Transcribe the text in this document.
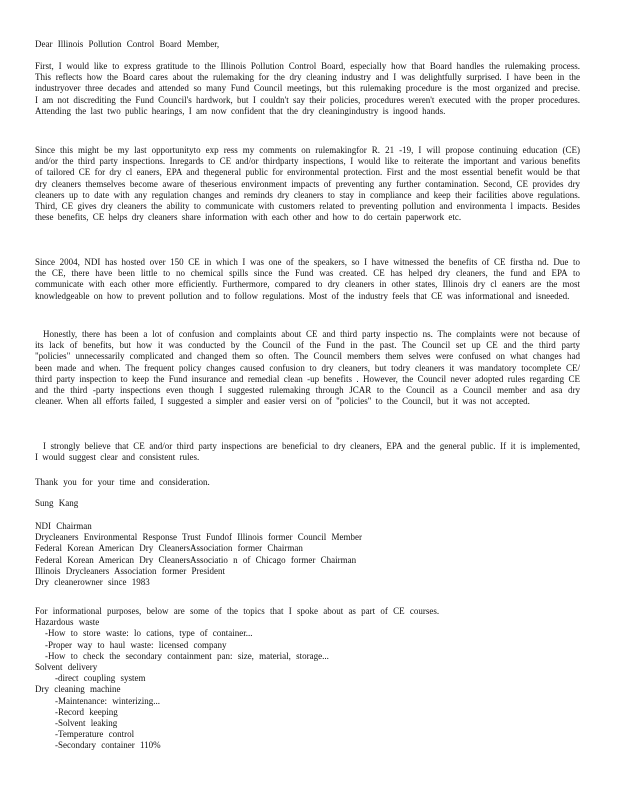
Dear Illinois Pollution Control Board Member,
First, I would like to express gratitude to the Illinois Pollution Control Board, especially how that Board handles the rulemaking process. This reflects how the Board cares about the rulemaking for the dry cleaning industry and I was delightfully surprised. I have been in the industryover three decades and attended so many Fund Council meetings, but this rulemaking procedure is the most organized and precise. I am not discrediting the Fund Council's hardwork, but I couldn't say their policies, procedures weren't executed with the proper procedures. Attending the last two public hearings, I am now confident that the dry cleaningindustry is ingood hands.
Since this might be my last opportunityto exp ress my comments on rulemakingfor R. 21 -19, I will propose continuing education (CE) and/or the third party inspections. Inregards to CE and/or thirdparty inspections, I would like to reiterate the important and various benefits of tailored CE for dry cl eaners, EPA and thegeneral public for environmental protection. First and the most essential benefit would be that dry cleaners themselves become aware of theserious environment impacts of preventing any further contamination. Second, CE provides dry cleaners up to date with any regulation changes and reminds dry cleaners to stay in compliance and keep their facilities above regulations. Third, CE gives dry cleaners the ability to communicate with customers related to preventing pollution and environmenta l impacts. Besides these benefits, CE helps dry cleaners share information with each other and how to do certain paperwork etc.
Since 2004, NDI has hosted over 150 CE in which I was one of the speakers, so I have witnessed the benefits of CE firstha nd. Due to the CE, there have been little to no chemical spills since the Fund was created. CE has helped dry cleaners, the fund and EPA to communicate with each other more efficiently. Furthermore, compared to dry cleaners in other states, Illinois dry cl eaners are the most knowledgeable on how to prevent pollution and to follow regulations. Most of the industry feels that CE was informational and isneeded.
Honestly, there has been a lot of confusion and complaints about CE and third party inspectio ns. The complaints were not because of its lack of benefits, but how it was conducted by the Council of the Fund in the past. The Council set up CE and the third party "policies" unnecessarily complicated and changed them so often. The Council members them selves were confused on what changes had been made and when. The frequent policy changes caused confusion to dry cleaners, but todry cleaners it was mandatory tocomplete CE/ third party inspection to keep the Fund insurance and remedial clean -up benefits . However, the Council never adopted rules regarding CE and the third -party inspections even though I suggested rulemaking through JCAR to the Council as a Council member and asa dry cleaner. When all efforts failed, I suggested a simpler and easier versi on of "policies" to the Council, but it was not accepted.
I strongly believe that CE and/or third party inspections are beneficial to dry cleaners, EPA and the general public. If it is implemented, I would suggest clear and consistent rules.
Thank you for your time and consideration.
Sung Kang
NDI Chairman
Drycleaners Environmental Response Trust Fundof Illinois former Council Member
Federal Korean American Dry CleanersAssociation former Chairman
Federal Korean American Dry CleanersAssociatio n of Chicago former Chairman
Illinois Drycleaners Association former President
Dry cleanerowner since 1983
For informational purposes, below are some of the topics that I spoke about as part of CE courses.
Hazardous waste
-How to store waste: lo cations, type of container...
-Proper way to haul waste: licensed company
-How to check the secondary containment pan: size, material, storage...
Solvent delivery
-direct coupling system
Dry cleaning machine
-Maintenance: winterizing...
-Record keeping
-Solvent leaking
-Temperature control
-Secondary container 110%
